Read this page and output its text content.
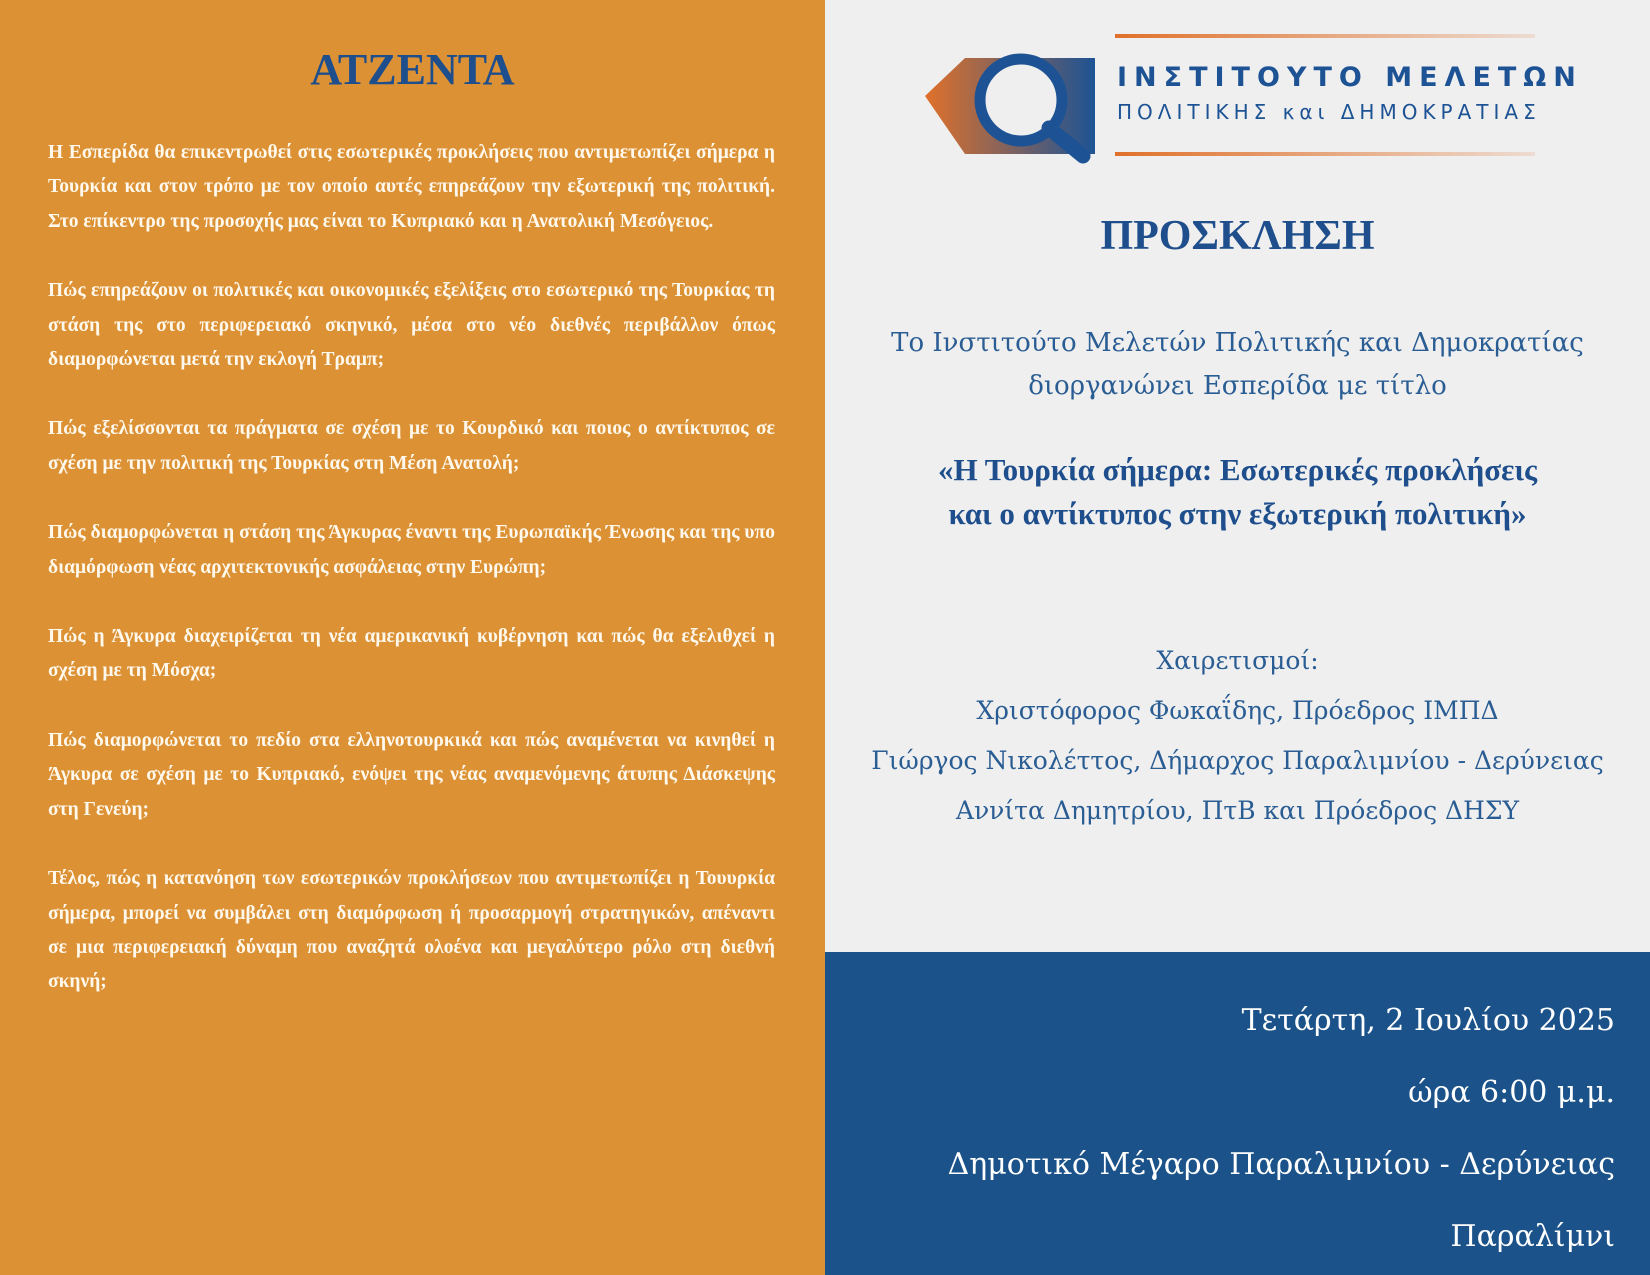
ΑΤΖΕΝΤΑ
Η Εσπερίδα θα επικεντρωθεί στις εσωτερικές προκλήσεις που αντιμετωπίζει σήμερα η Τουρκία και στον τρόπο με τον οποίο αυτές επηρεάζουν την εξωτερική της πολιτική. Στο επίκεντρο της προσοχής μας είναι το Κυπριακό και η Ανατολική Μεσόγειος.
Πώς επηρεάζουν οι πολιτικές και οικονομικές εξελίξεις στο εσωτερικό της Τουρκίας τη στάση της στο περιφερειακό σκηνικό, μέσα στο νέο διεθνές περιβάλλον όπως διαμορφώνεται μετά την εκλογή Τραμπ;
Πώς εξελίσσονται τα πράγματα σε σχέση με το Κουρδικό και ποιος ο αντίκτυπος σε σχέση με την πολιτική της Τουρκίας στη Μέση Ανατολή;
Πώς διαμορφώνεται η στάση της Άγκυρας έναντι της Ευρωπαϊκής Ένωσης και της υπο διαμόρφωση νέας αρχιτεκτονικής ασφάλειας στην Ευρώπη;
Πώς η Άγκυρα διαχειρίζεται τη νέα αμερικανική κυβέρνηση και πώς θα εξελιθχεί η σχέση με τη Μόσχα;
Πώς διαμορφώνεται το πεδίο στα ελληνοτουρκικά και πώς αναμένεται να κινηθεί η Άγκυρα σε σχέση με το Κυπριακό, ενόψει της νέας αναμενόμενης άτυπης Διάσκεψης στη Γενεύη;
Τέλος, πώς η κατανόηση των εσωτερικών προκλήσεων που αντιμετωπίζει η Τουυρκία σήμερα, μπορεί να συμβάλει στη διαμόρφωση ή προσαρμογή στρατηγικών, απέναντι σε μια περιφερειακή δύναμη που αναζητά ολοένα και μεγαλύτερο ρόλο στη διεθνή σκηνή;

ΙΝΣΤΙΤΟΥΤΟ ΜΕΛΕΤΩΝ

ΠΟΛΙΤΙΚΗΣ και ΔΗΜΟΚΡΑΤΙΑΣ

ΠΡΟΣΚΛΗΣΗ

Το Ινστιτούτο Μελετών Πολιτικής και Δημοκρατίας
διοργανώνει Εσπερίδα με τίτλο

«Η Τουρκία σήμερα: Εσωτερικές προκλήσεις
και ο αντίκτυπος στην εξωτερική πολιτική»

Χαιρετισμοί:
Χριστόφορος Φωκαΐδης, Πρόεδρος ΙΜΠΔ
Γιώργος Νικολέττος, Δήμαρχος Παραλιμνίου - Δερύνειας
Αννίτα Δημητρίου, ΠτΒ και Πρόεδρος ΔΗΣΥ
Τετάρτη, 2 Ιουλίου 2025
ώρα 6:00 μ.μ.
Δημοτικό Μέγαρο Παραλιμνίου - Δερύνειας
Παραλίμνι
